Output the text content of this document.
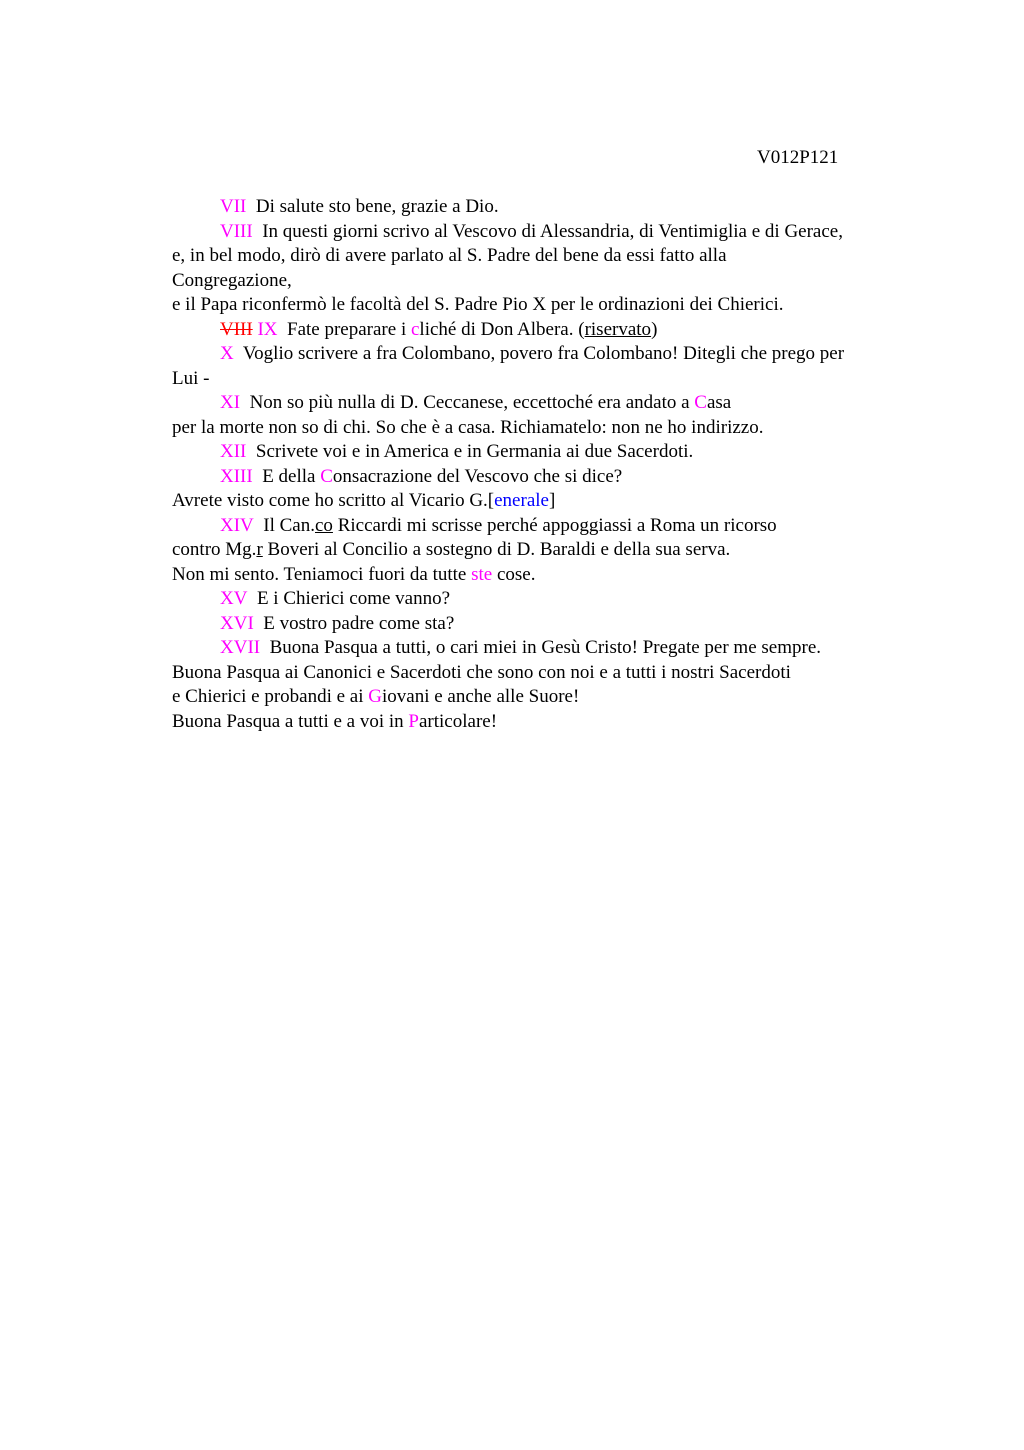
V012P121
VII Di salute sto bene, grazie a Dio.
VIII In questi giorni scrivo al Vescovo di Alessandria, di Ventimiglia e di Gerace,
e, in bel modo, dirò di avere parlato al S. Padre del bene da essi fatto alla
Congregazione,
e il Papa riconfermò le facoltà del S. Padre Pio X per le ordinazioni dei Chierici.
VIII IX Fate preparare i cliché di Don Albera. (riservato)
X Voglio scrivere a fra Colombano, povero fra Colombano! Ditegli che prego per
Lui -
XI Non so più nulla di D. Ceccanese, eccettoché era andato a Casa
per la morte non so di chi. So che è a casa. Richiamatelo: non ne ho indirizzo.
XII Scrivete voi e in America e in Germania ai due Sacerdoti.
XIII E della Consacrazione del Vescovo che si dice?
Avrete visto come ho scritto al Vicario G.[enerale]
XIV Il Can.co Riccardi mi scrisse perché appoggiassi a Roma un ricorso
contro Mg.r Boveri al Concilio a sostegno di D. Baraldi e della sua serva.
Non mi sento. Teniamoci fuori da tutte ste cose.
XV E i Chierici come vanno?
XVI E vostro padre come sta?
XVII Buona Pasqua a tutti, o cari miei in Gesù Cristo! Pregate per me sempre.
Buona Pasqua ai Canonici e Sacerdoti che sono con noi e a tutti i nostri Sacerdoti
e Chierici e probandi e ai Giovani e anche alle Suore!
Buona Pasqua a tutti e a voi in Particolare!
